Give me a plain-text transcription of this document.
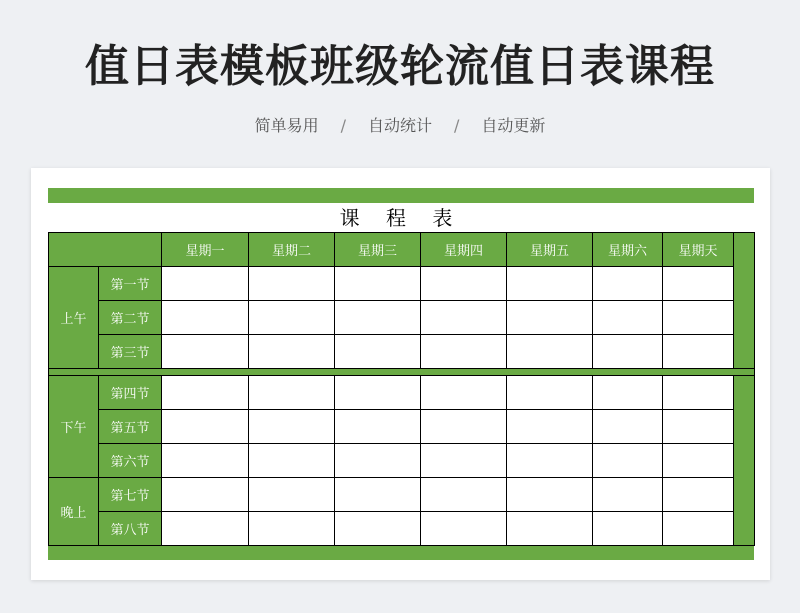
值日表模板班级轮流值日表课程
简单易用 / 自动统计 / 自动更新
课 程 表
		星期一	星期二	星期三	星期四	星期五	星期六	星期天	
上午	第一节								
	第二节								
	第三节								

下午	第四节								
	第五节								
	第六节								
晚上	第七节								
	第八节								
